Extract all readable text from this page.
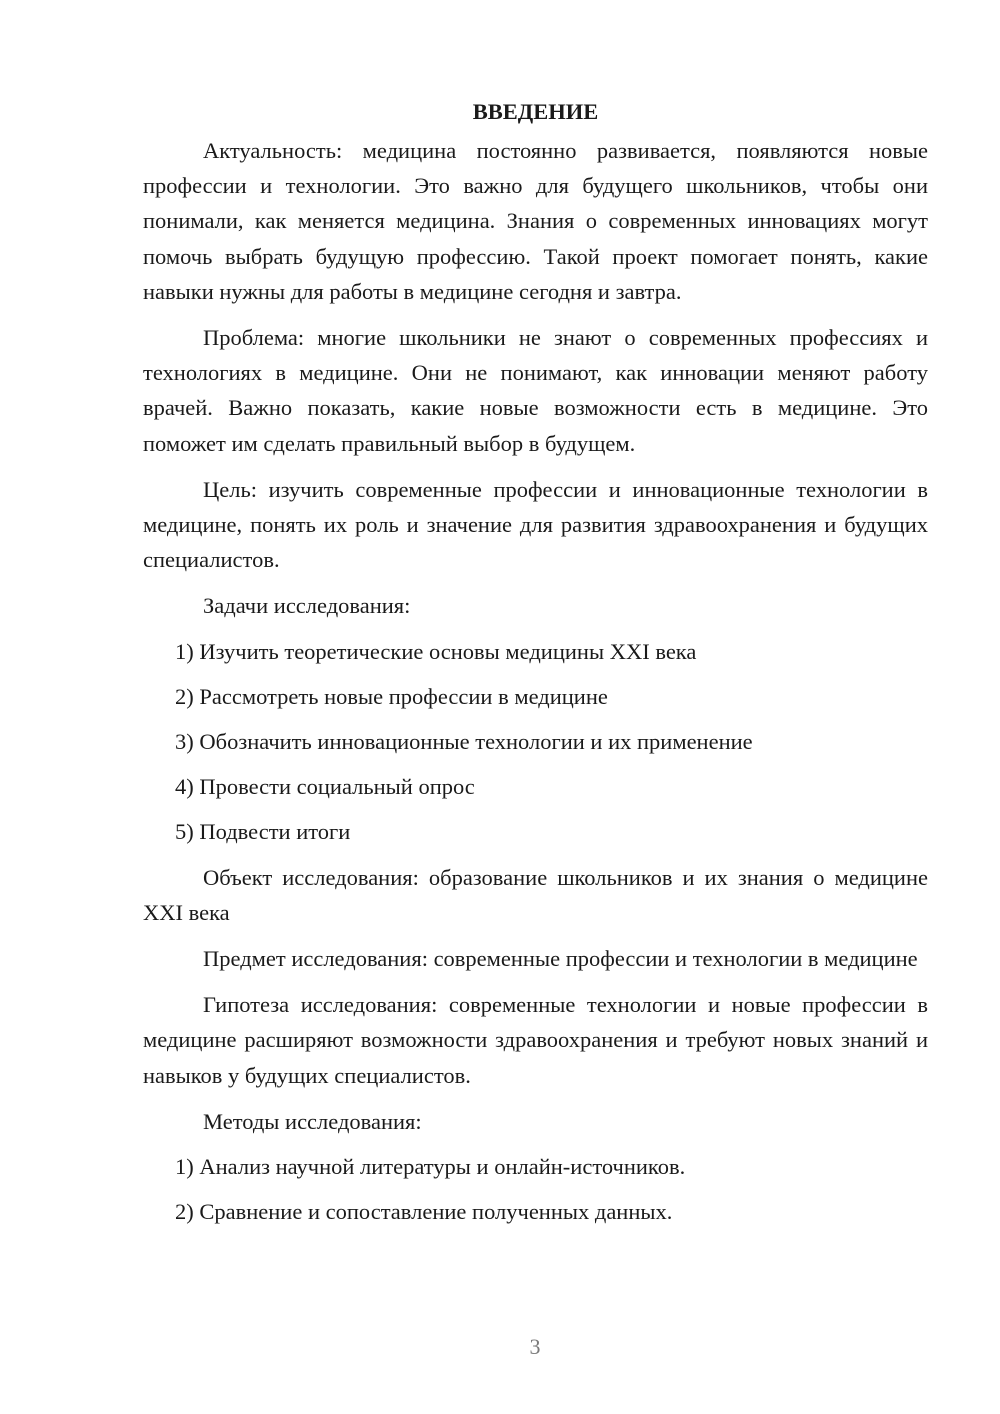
ВВЕДЕНИЕ

Актуальность: медицина постоянно развивается, появляются новые профессии и технологии. Это важно для будущего школьников, чтобы они понимали, как меняется медицина. Знания о современных инновациях могут помочь выбрать будущую профессию. Такой проект помогает понять, какие навыки нужны для работы в медицине сегодня и завтра.

Проблема: многие школьники не знают о современных профессиях и технологиях в медицине. Они не понимают, как инновации меняют работу врачей. Важно показать, какие новые возможности есть в медицине. Это поможет им сделать правильный выбор в будущем.

Цель: изучить современные профессии и инновационные технологии в медицине, понять их роль и значение для развития здравоохранения и будущих специалистов.

Задачи исследования:

1) Изучить теоретические основы медицины XXI века
2) Рассмотреть новые профессии в медицине
3) Обозначить инновационные технологии и их применение
4) Провести социальный опрос
5) Подвести итоги

Объект исследования: образование школьников и их знания о медицине XXI века

Предмет исследования: современные профессии и технологии в медицине

Гипотеза исследования: современные технологии и новые профессии в медицине расширяют возможности здравоохранения и требуют новых знаний и навыков у будущих специалистов.

Методы исследования:

1) Анализ научной литературы и онлайн-источников.
2) Сравнение и сопоставление полученных данных.
3
